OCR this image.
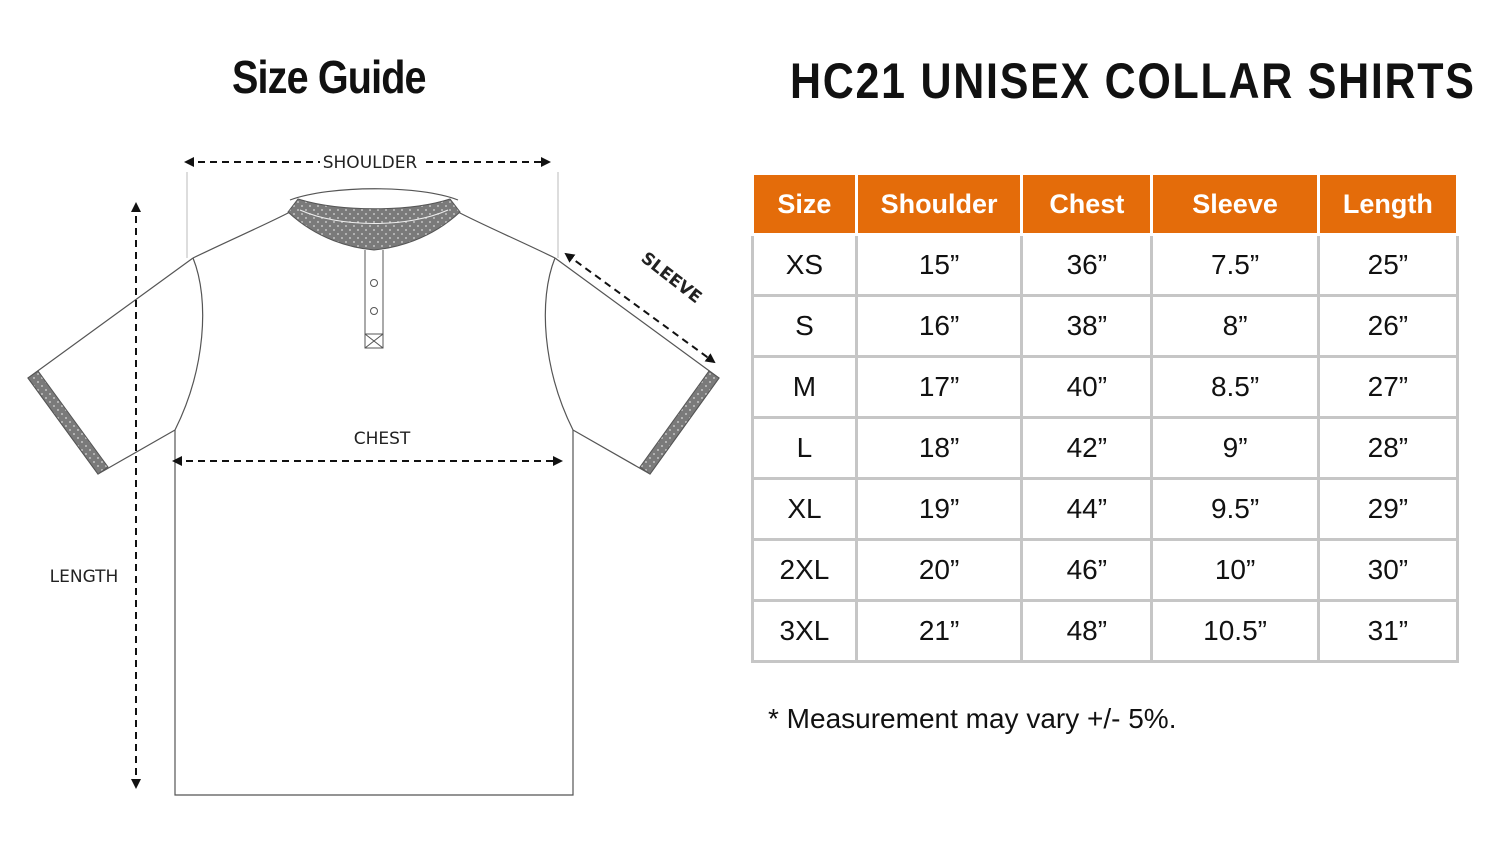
Size Guide	HC21 UNISEX COLLAR SHIRTS
SHOULDER
SLEEVE
CHEST
LENGTH
Size	Shoulder	Chest	Sleeve	Length
XS	15”	36”	7.5”	25”
S	16”	38”	8”	26”
M	17”	40”	8.5”	27”
L	18”	42”	9”	28”
XL	19”	44”	9.5”	29”
2XL	20”	46”	10”	30”
3XL	21”	48”	10.5”	31”
* Measurement may vary +/- 5%.
